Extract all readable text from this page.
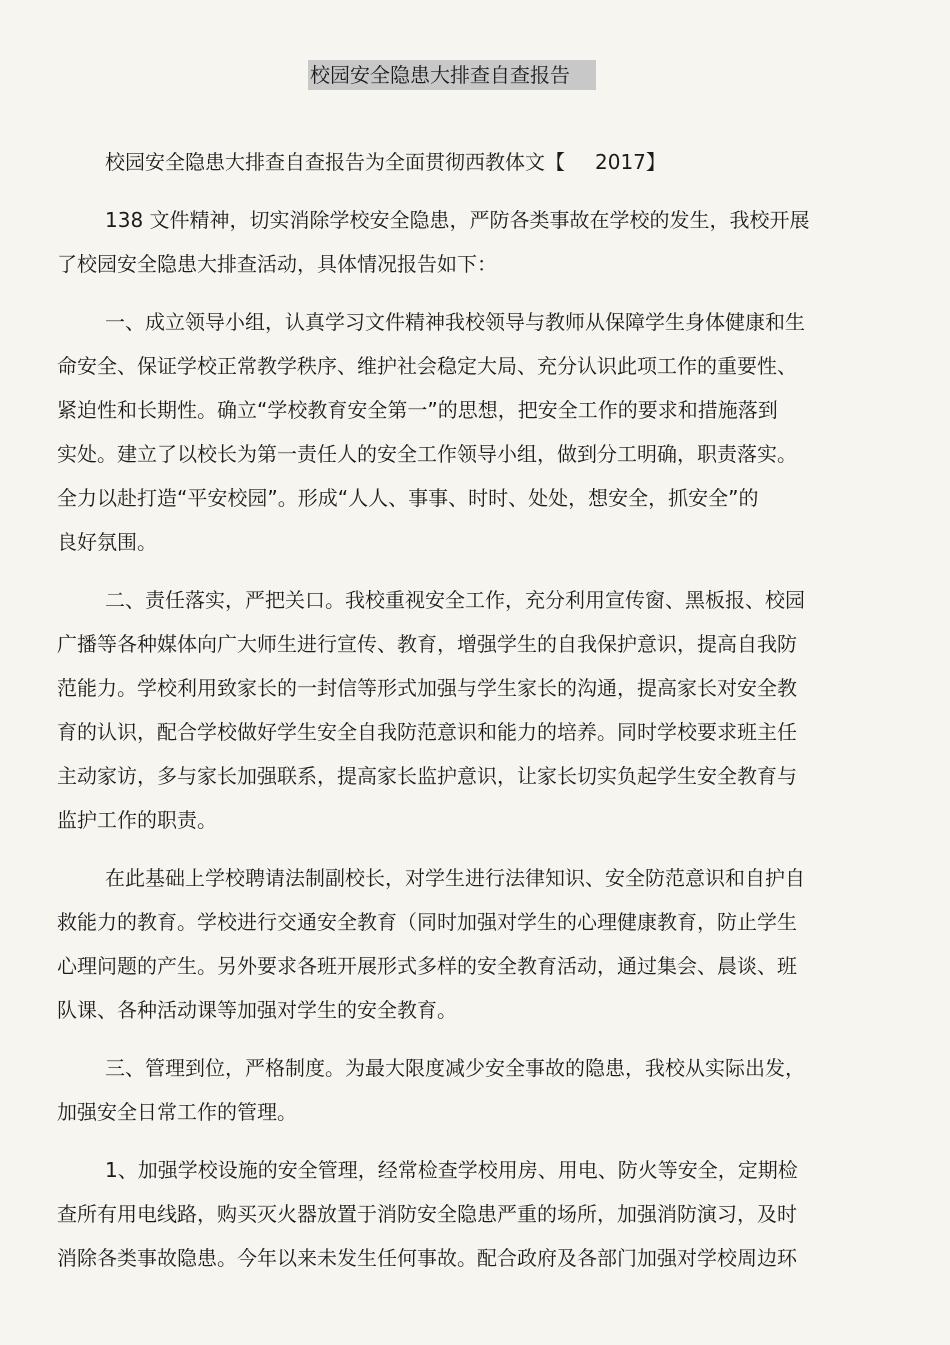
校园安全隐患大排查自查报告
校园安全隐患大排查自查报告为全面贯彻西教体文【 2017】
138 文件精神，切实消除学校安全隐患，严防各类事故在学校的发生，我校开展
了校园安全隐患大排查活动，具体情况报告如下：
一、成立领导小组，认真学习文件精神我校领导与教师从保障学生身体健康和生
命安全、保证学校正常教学秩序、维护社会稳定大局、充分认识此项工作的重要性、
紧迫性和长期性。确立“学校教育安全第一”的思想，把安全工作的要求和措施落到
实处。建立了以校长为第一责任人的安全工作领导小组，做到分工明确，职责落实。
全力以赴打造“平安校园”。形成“人人、事事、时时、处处，想安全，抓安全”的
良好氛围。
二、责任落实，严把关口。我校重视安全工作，充分利用宣传窗、黑板报、校园
广播等各种媒体向广大师生进行宣传、教育，增强学生的自我保护意识，提高自我防
范能力。学校利用致家长的一封信等形式加强与学生家长的沟通，提高家长对安全教
育的认识，配合学校做好学生安全自我防范意识和能力的培养。同时学校要求班主任
主动家访，多与家长加强联系，提高家长监护意识，让家长切实负起学生安全教育与
监护工作的职责。
在此基础上学校聘请法制副校长，对学生进行法律知识、安全防范意识和自护自
救能力的教育。学校进行交通安全教育（同时加强对学生的心理健康教育，防止学生
心理问题的产生。另外要求各班开展形式多样的安全教育活动，通过集会、晨谈、班
队课、各种活动课等加强对学生的安全教育。
三、管理到位，严格制度。为最大限度减少安全事故的隐患，我校从实际出发，
加强安全日常工作的管理。
1、加强学校设施的安全管理，经常检查学校用房、用电、防火等安全，定期检
查所有用电线路，购买灭火器放置于消防安全隐患严重的场所，加强消防演习，及时
消除各类事故隐患。今年以来未发生任何事故。配合政府及各部门加强对学校周边环
